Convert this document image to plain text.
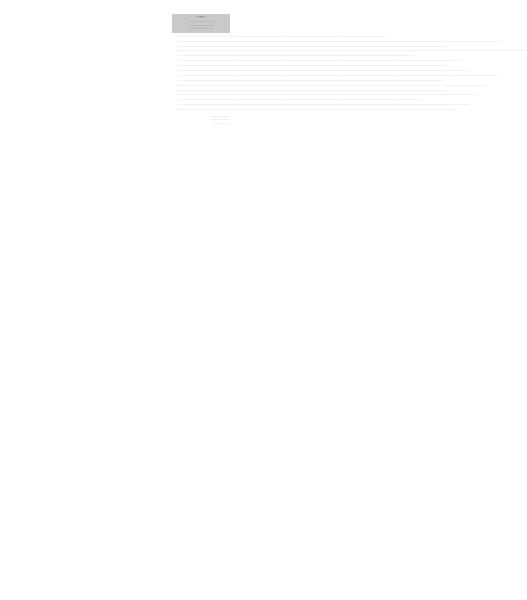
······
····································
····································
····································

················································································································································································································································

····················································································································································································································································································································································································

····················································································································································································································································································································

················································································································································································································································································································································································································

················································································································································································································································································

······································································································································································································································································································································

····················································································································································································································································································································

················································································································································································································································································································································

··············································································································································································································································································································································································

················································································································································································································································································································

··································································································································································································································································································································································

····················································································································································································································································································································

························································································································································································································································································································································

······················································································································································································································································································

··············································································································································································································································································································································

······························································································································································································································································································································

··························
··························
······················
